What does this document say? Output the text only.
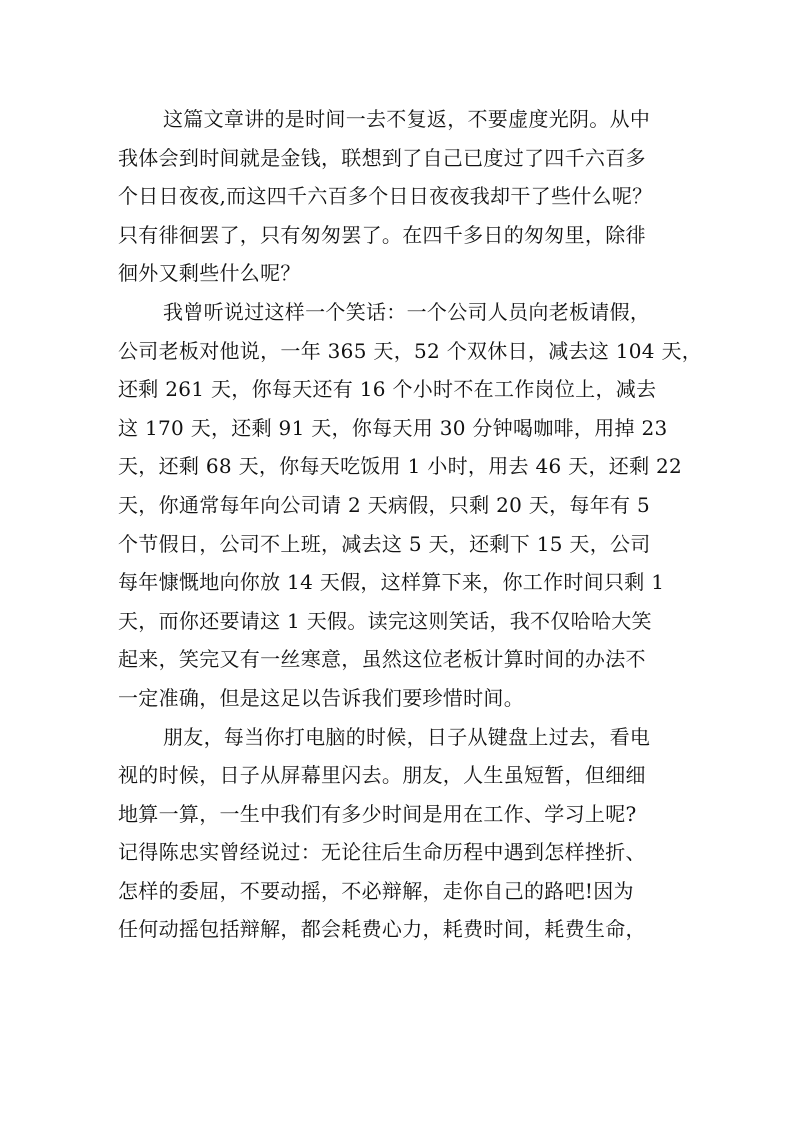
这篇文章讲的是时间一去不复返，不要虚度光阴。从中
我体会到时间就是金钱，联想到了自己已度过了四千六百多
个日日夜夜,而这四千六百多个日日夜夜我却干了些什么呢？
只有徘徊罢了，只有匆匆罢了。在四千多日的匆匆里，除徘
徊外又剩些什么呢？
我曾听说过这样一个笑话：一个公司人员向老板请假，
公司老板对他说，一年 365 天，52 个双休日，减去这 104 天，
还剩 261 天，你每天还有 16 个小时不在工作岗位上，减去
这 170 天，还剩 91 天，你每天用 30 分钟喝咖啡，用掉 23
天，还剩 68 天，你每天吃饭用 1 小时，用去 46 天，还剩 22
天，你通常每年向公司请 2 天病假，只剩 20 天，每年有 5
个节假日，公司不上班，减去这 5 天，还剩下 15 天，公司
每年慷慨地向你放 14 天假，这样算下来，你工作时间只剩 1
天，而你还要请这 1 天假。读完这则笑话，我不仅哈哈大笑
起来，笑完又有一丝寒意，虽然这位老板计算时间的办法不
一定准确，但是这足以告诉我们要珍惜时间。
朋友，每当你打电脑的时候，日子从键盘上过去，看电
视的时候，日子从屏幕里闪去。朋友，人生虽短暂，但细细
地算一算，一生中我们有多少时间是用在工作、学习上呢?
记得陈忠实曾经说过：无论往后生命历程中遇到怎样挫折、
怎样的委屈，不要动摇，不必辩解，走你自己的路吧!因为
任何动摇包括辩解，都会耗费心力，耗费时间，耗费生命，
